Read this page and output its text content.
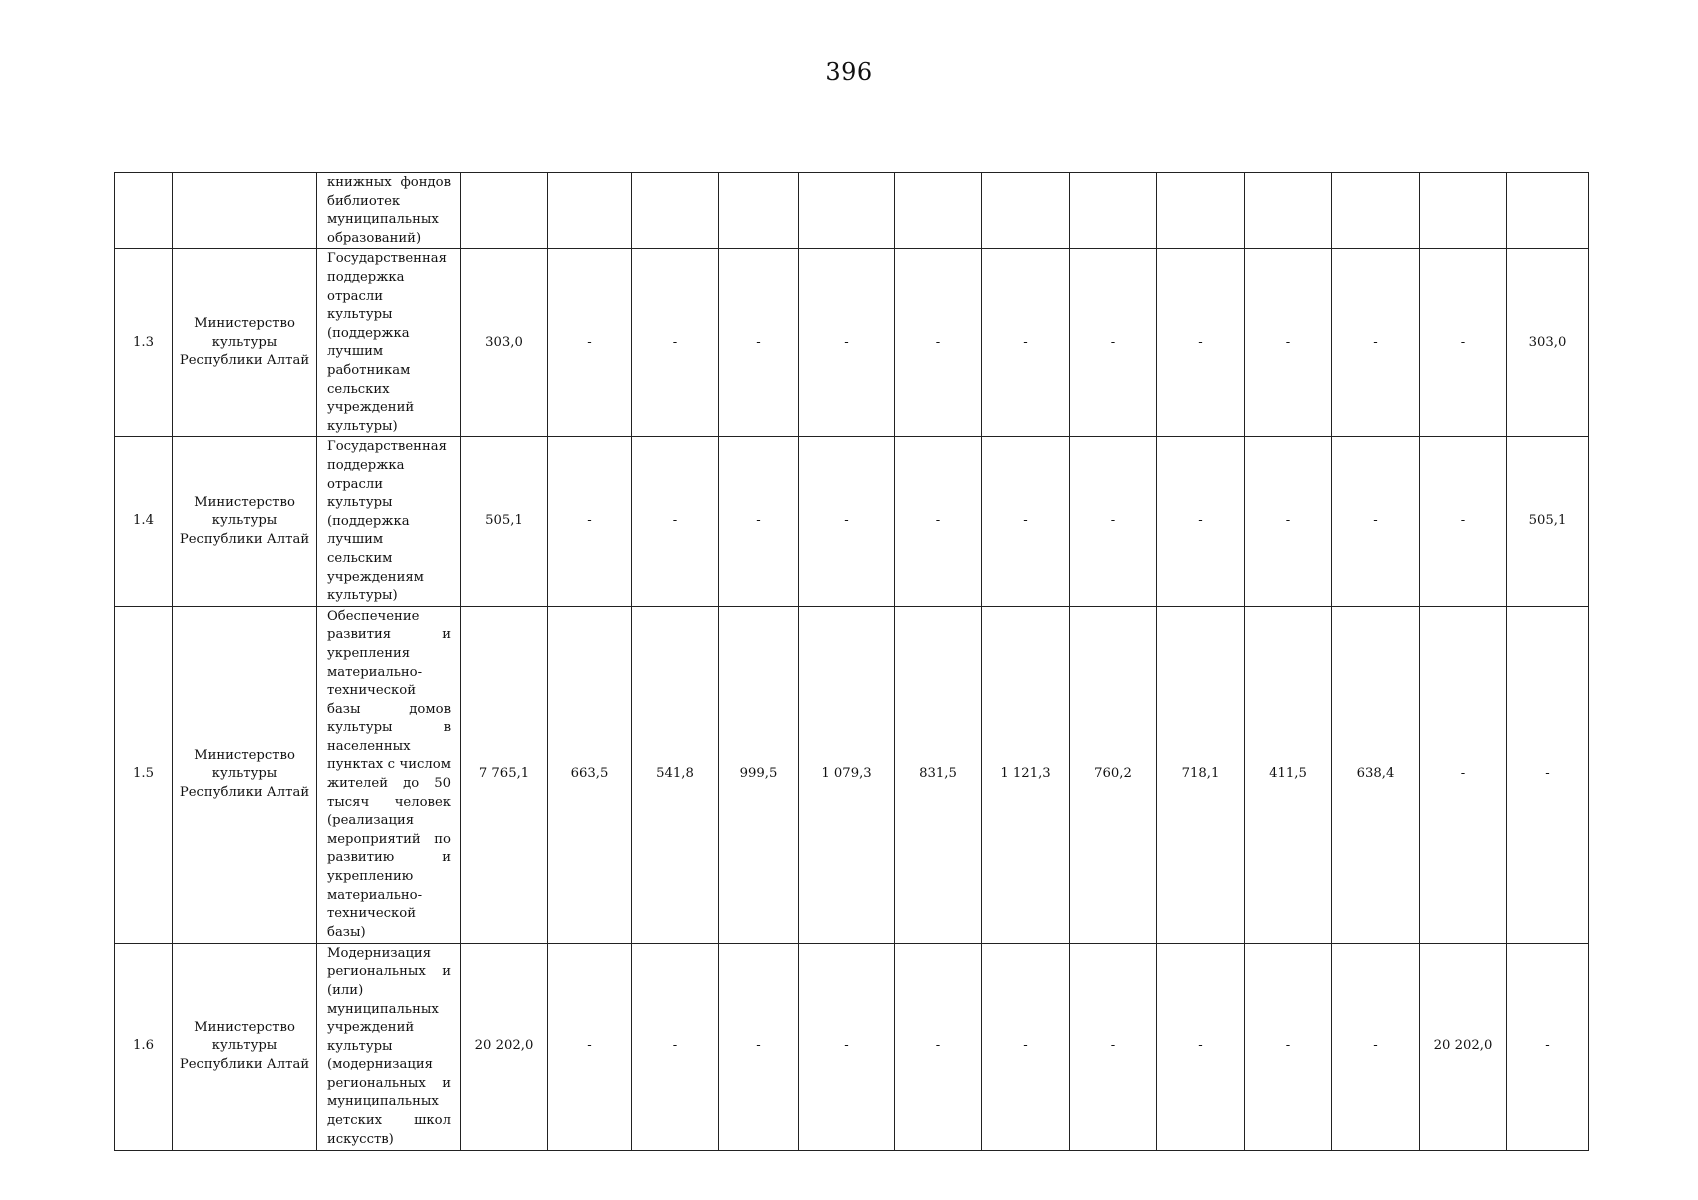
396
		книжных фондов библиотек муниципальных образований)													
1.3	Министерство культуры Республики Алтай	Государственная поддержка отрасли культуры (поддержка лучшим работникам сельских учреждений культуры)	303,0	-	-	-	-	-	-	-	-	-	-	-	303,0
1.4	Министерство культуры Республики Алтай	Государственная поддержка отрасли культуры (поддержка лучшим сельским учреждениям культуры)	505,1	-	-	-	-	-	-	-	-	-	-	-	505,1
1.5	Министерство культуры Республики Алтай	Обеспечение развития и укрепления материально-технической базы домов культуры в населенных пунктах с числом жителей до 50 тысяч человек (реализация мероприятий по развитию и укреплению материально-технической базы)	7 765,1	663,5	541,8	999,5	1 079,3	831,5	1 121,3	760,2	718,1	411,5	638,4	-	-
1.6	Министерство культуры Республики Алтай	Модернизация региональных и (или) муниципальных учреждений культуры (модернизация региональных и муниципальных детских школ искусств)	20 202,0	-	-	-	-	-	-	-	-	-	-	20 202,0	-
